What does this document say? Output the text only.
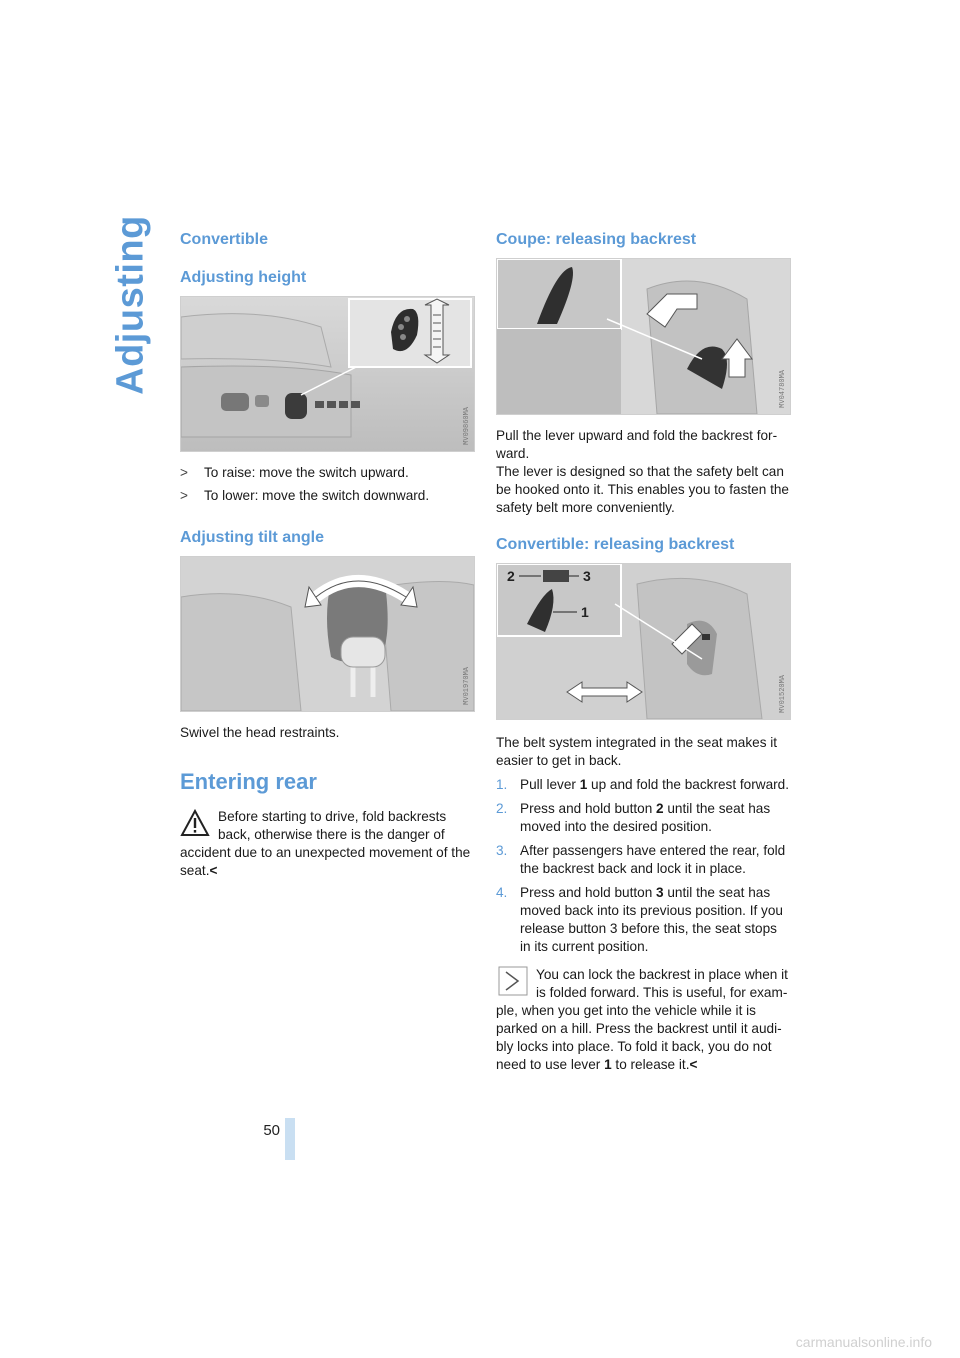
Adjusting Convertible
Adjusting height
MV09860MA
> To raise: move the switch upward.
> To lower: move the switch downward.
Adjusting tilt angle
MV01970MA

Swivel the head restraints.

Entering rear
Before starting to drive, fold backrests back, otherwise there is the danger of accident due to an unexpected movement of the seat.<
Coupe: releasing backrest
MV04780MA

Pull the lever upward and fold the backrest forward.

The lever is designed so that the safety belt can be hooked onto it. This enables you to fasten the safety belt more conveniently.

Convertible: releasing backrest
2	3
1
MV01520MA

The belt system integrated in the seat makes it easier to get in back.

1. Pull lever 1 up and fold the backrest forward.
2. Press and hold button 2 until the seat has moved into the desired position.
3. After passengers have entered the rear, fold the backrest back and lock it in place.
4. Press and hold button 3 until the seat has moved back into its previous position. If you release button 3 before this, the seat stops in its current position.
You can lock the backrest in place when it is folded forward. This is useful, for example, when you get into the vehicle while it is parked on a hill. Press the backrest until it audibly locks into place. To fold it back, you do not need to use lever 1 to release it.<
50
carmanualsonline.info
